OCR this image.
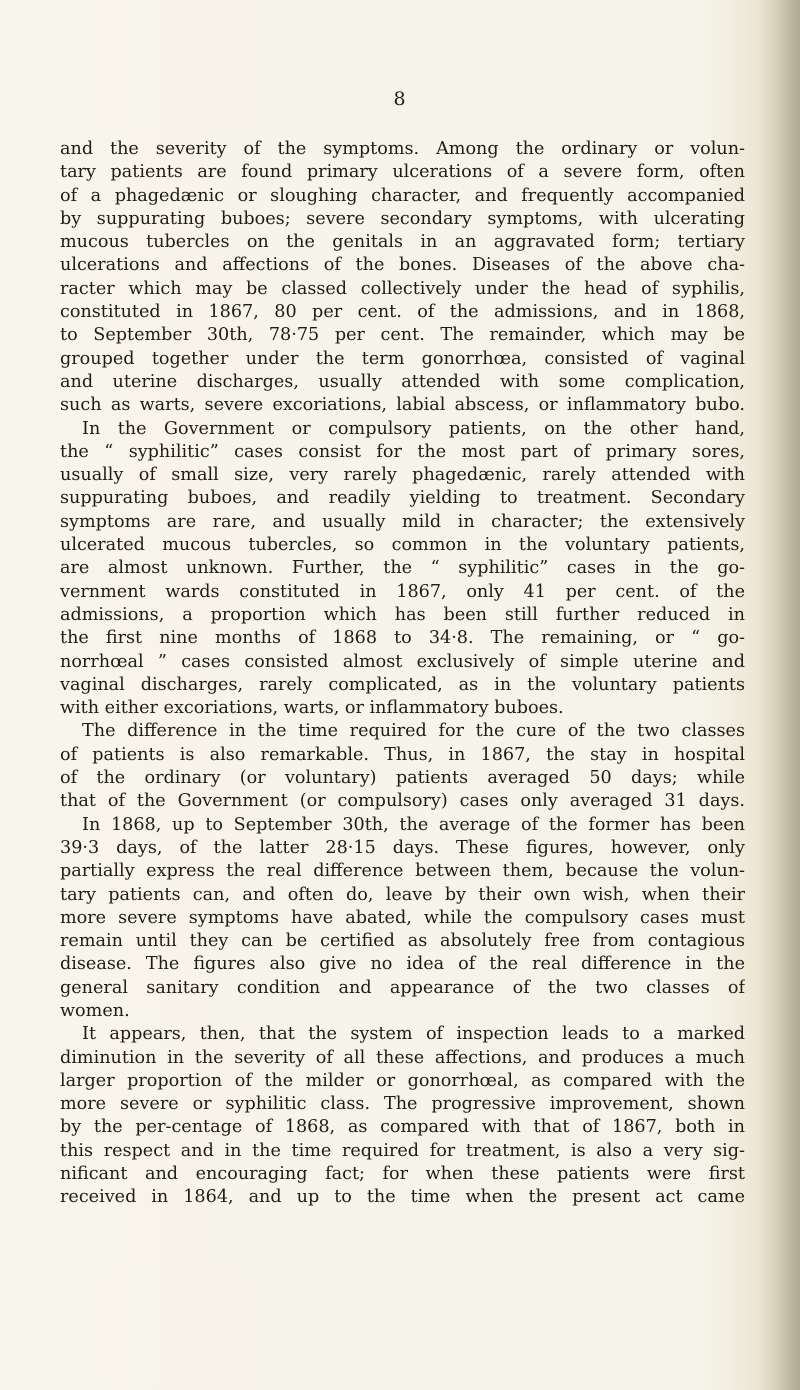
8
and the severity of the symptoms. Among the ordinary or volun-
tary patients are found primary ulcerations of a severe form, often
of a phagedænic or sloughing character, and frequently accompanied
by suppurating buboes; severe secondary symptoms, with ulcerating
mucous tubercles on the genitals in an aggravated form; tertiary
ulcerations and affections of the bones. Diseases of the above cha-
racter which may be classed collectively under the head of syphilis,
constituted in 1867, 80 per cent. of the admissions, and in 1868,
to September 30th, 78·75 per cent. The remainder, which may be
grouped together under the term gonorrhœa, consisted of vaginal
and uterine discharges, usually attended with some complication,
such as warts, severe excoriations, labial abscess, or inflammatory bubo.
In the Government or compulsory patients, on the other hand,
the “ syphilitic” cases consist for the most part of primary sores,
usually of small size, very rarely phagedænic, rarely attended with
suppurating buboes, and readily yielding to treatment. Secondary
symptoms are rare, and usually mild in character; the extensively
ulcerated mucous tubercles, so common in the voluntary patients,
are almost unknown. Further, the “ syphilitic” cases in the go-
vernment wards constituted in 1867, only 41 per cent. of the
admissions, a proportion which has been still further reduced in
the first nine months of 1868 to 34·8. The remaining, or “ go-
norrhœal ” cases consisted almost exclusively of simple uterine and
vaginal discharges, rarely complicated, as in the voluntary patients
with either excoriations, warts, or inflammatory buboes.
The difference in the time required for the cure of the two classes
of patients is also remarkable. Thus, in 1867, the stay in hospital
of the ordinary (or voluntary) patients averaged 50 days; while
that of the Government (or compulsory) cases only averaged 31 days.
In 1868, up to September 30th, the average of the former has been
39·3 days, of the latter 28·15 days. These figures, however, only
partially express the real difference between them, because the volun-
tary patients can, and often do, leave by their own wish, when their
more severe symptoms have abated, while the compulsory cases must
remain until they can be certified as absolutely free from contagious
disease. The figures also give no idea of the real difference in the
general sanitary condition and appearance of the two classes of
women.
It appears, then, that the system of inspection leads to a marked
diminution in the severity of all these affections, and produces a much
larger proportion of the milder or gonorrhœal, as compared with the
more severe or syphilitic class. The progressive improvement, shown
by the per-centage of 1868, as compared with that of 1867, both in
this respect and in the time required for treatment, is also a very sig-
nificant and encouraging fact; for when these patients were first
received in 1864, and up to the time when the present act came
